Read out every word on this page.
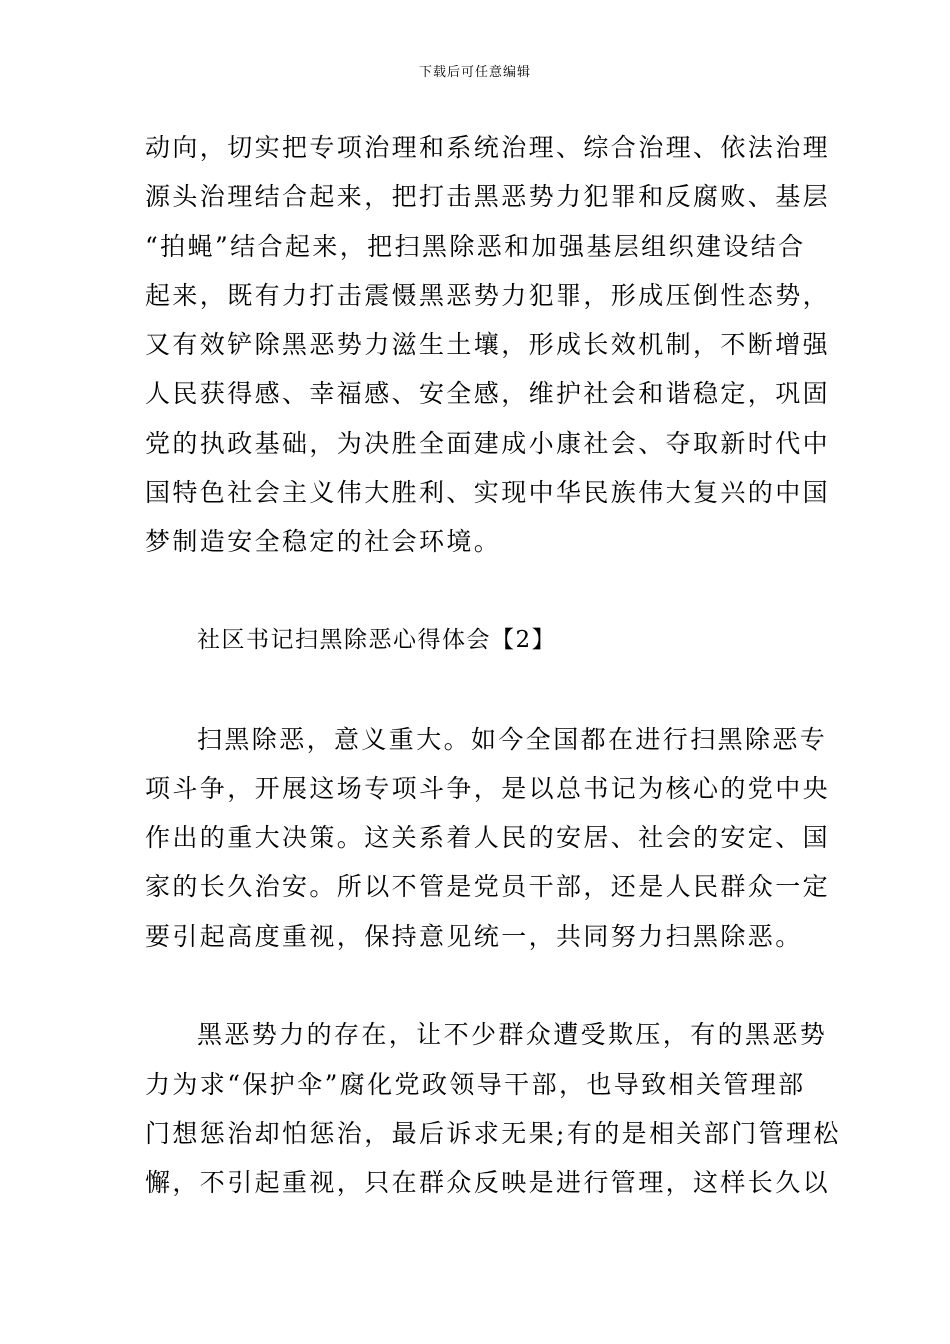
下载后可任意编辑
动向，切实把专项治理和系统治理、综合治理、依法治理
源头治理结合起来，把打击黑恶势力犯罪和反腐败、基层
“拍蝇”结合起来，把扫黑除恶和加强基层组织建设结合
起来，既有力打击震慑黑恶势力犯罪，形成压倒性态势，
又有效铲除黑恶势力滋生土壤，形成长效机制，不断增强
人民获得感、幸福感、安全感，维护社会和谐稳定，巩固
党的执政基础，为决胜全面建成小康社会、夺取新时代中
国特色社会主义伟大胜利、实现中华民族伟大复兴的中国
梦制造安全稳定的社会环境。
社区书记扫黑除恶心得体会【2】
扫黑除恶，意义重大。如今全国都在进行扫黑除恶专
项斗争，开展这场专项斗争，是以总书记为核心的党中央
作出的重大决策。这关系着人民的安居、社会的安定、国
家的长久治安。所以不管是党员干部，还是人民群众一定
要引起高度重视，保持意见统一，共同努力扫黑除恶。
黑恶势力的存在，让不少群众遭受欺压，有的黑恶势
力为求“保护伞”腐化党政领导干部，也导致相关管理部
门想惩治却怕惩治，最后诉求无果;有的是相关部门管理松
懈，不引起重视，只在群众反映是进行管理，这样长久以
